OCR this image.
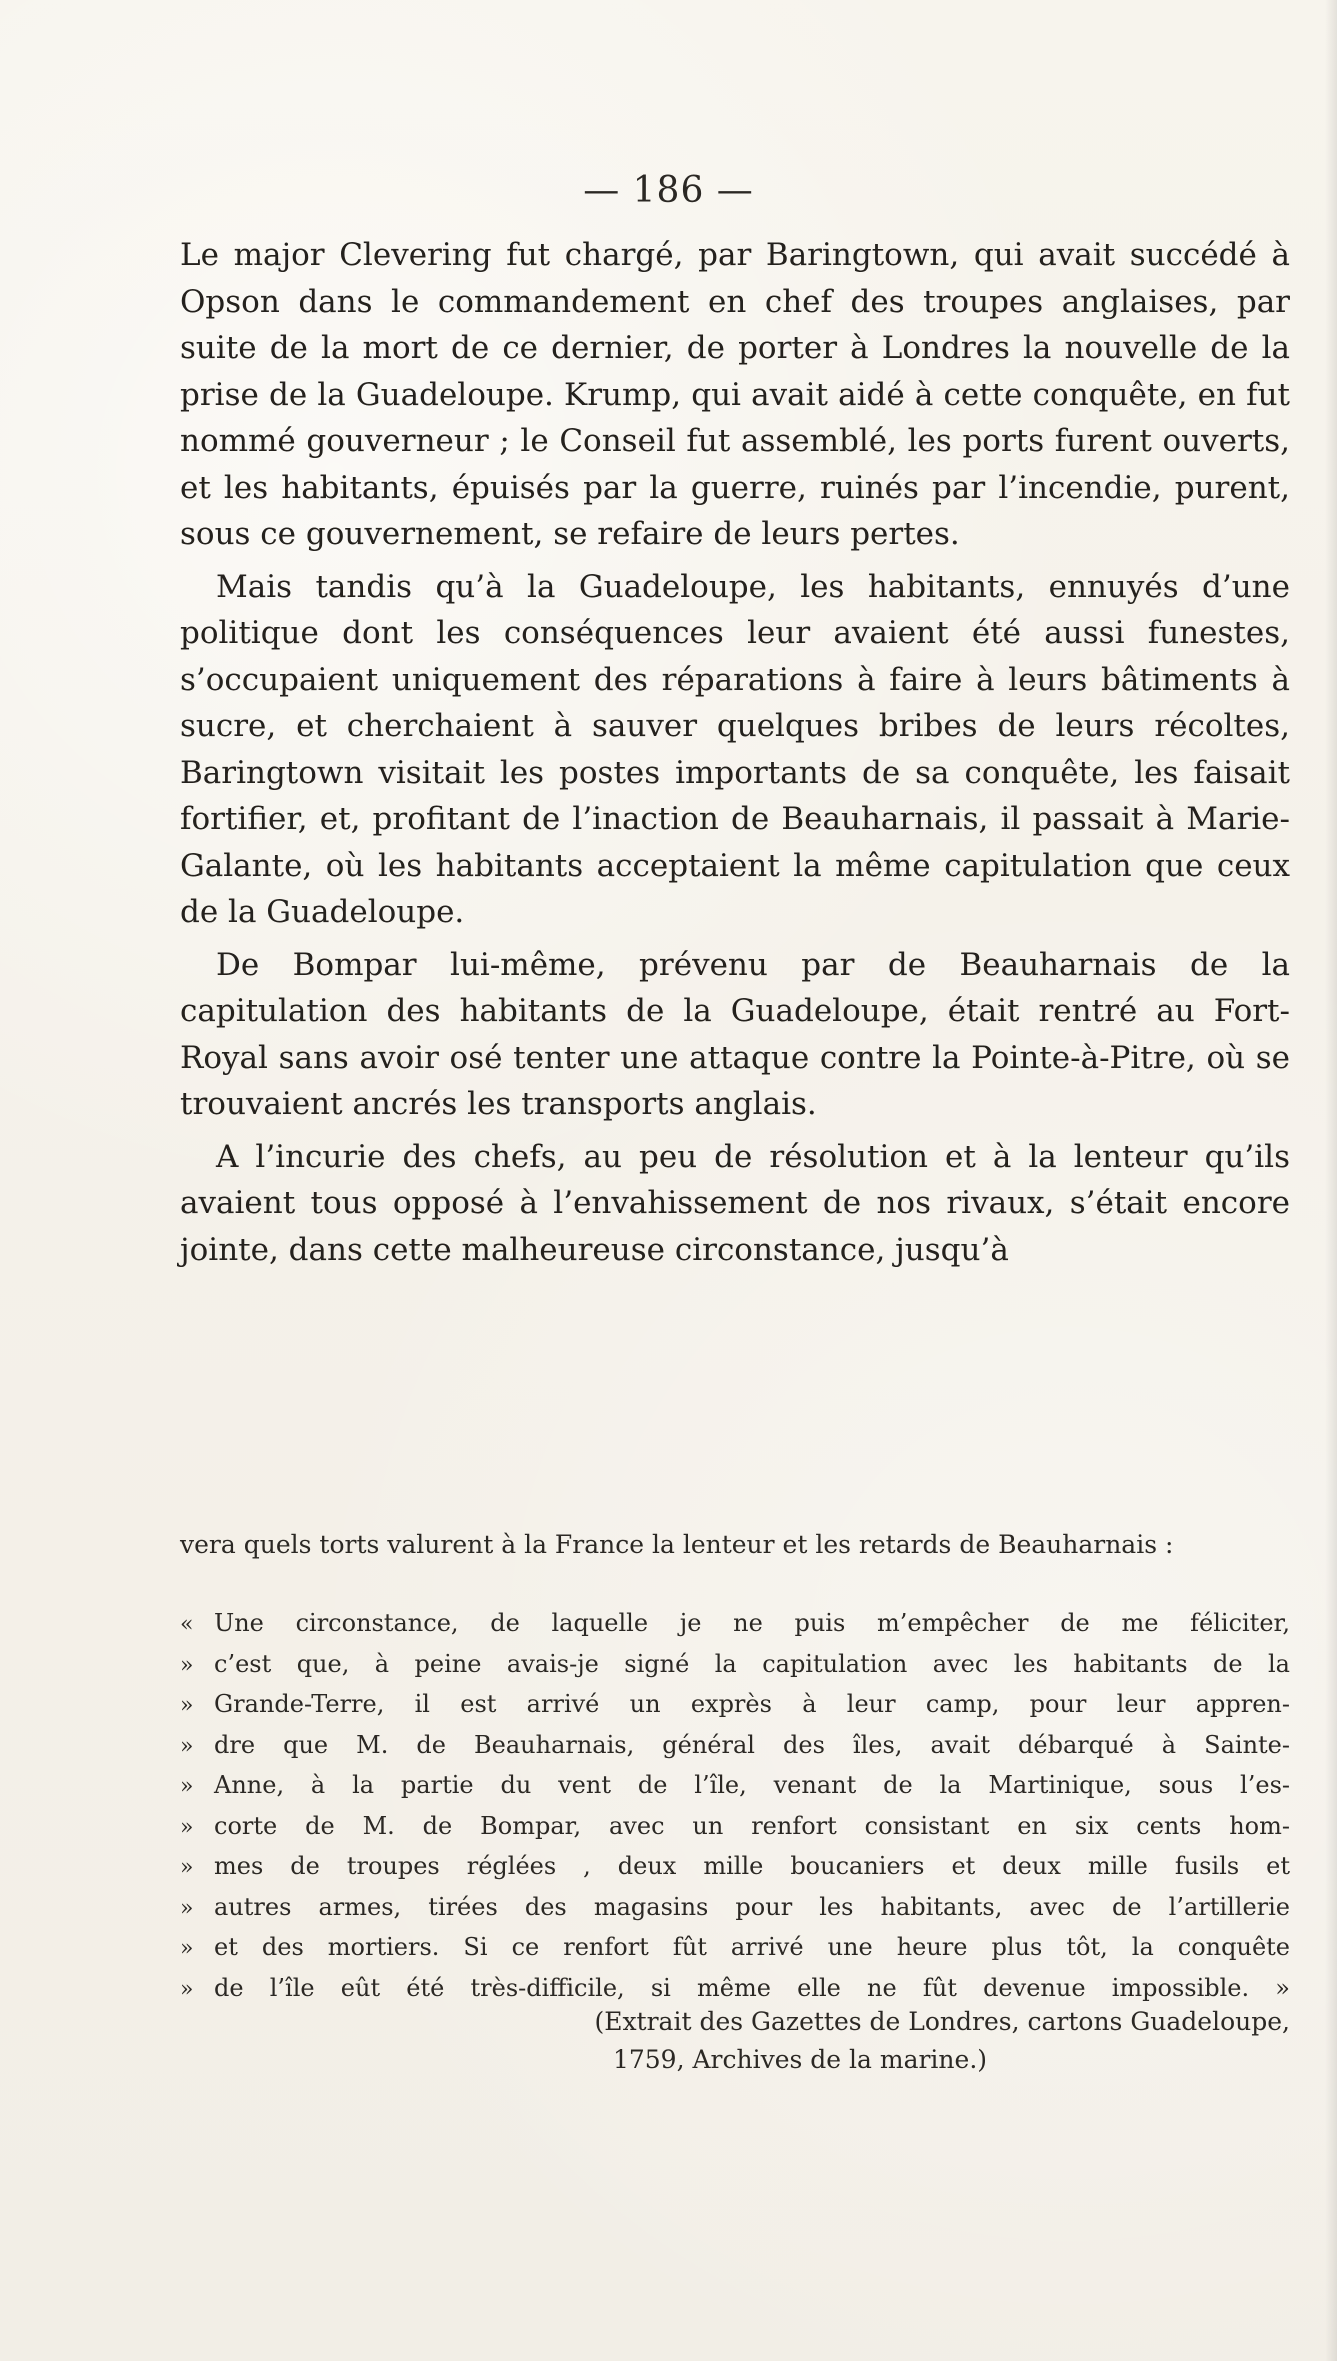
— 186 —

Le major Clevering fut chargé, par Baringtown, qui avait succédé à Opson dans le commandement en chef des troupes anglaises, par suite de la mort de ce dernier, de porter à Londres la nouvelle de la prise de la Guadeloupe. Krump, qui avait aidé à cette conquête, en fut nommé gouverneur ; le Conseil fut assemblé, les ports furent ouverts, et les habitants, épuisés par la guerre, ruinés par l’incendie, purent, sous ce gouvernement, se refaire de leurs pertes.

Mais tandis qu’à la Guadeloupe, les habitants, ennuyés d’une politique dont les conséquences leur avaient été aussi funestes, s’occupaient uniquement des réparations à faire à leurs bâtiments à sucre, et cherchaient à sauver quelques bribes de leurs récoltes, Baringtown visitait les postes importants de sa conquête, les faisait fortifier, et, profitant de l’inaction de Beauharnais, il passait à Marie-Galante, où les habitants acceptaient la même capitulation que ceux de la Guadeloupe.

De Bompar lui-même, prévenu par de Beauharnais de la capitulation des habitants de la Guadeloupe, était rentré au Fort-Royal sans avoir osé tenter une attaque contre la Pointe-à-Pitre, où se trouvaient ancrés les transports anglais.

A l’incurie des chefs, au peu de résolution et à la lenteur qu’ils avaient tous opposé à l’envahissement de nos rivaux, s’était encore jointe, dans cette malheureuse circonstance, jusqu’à

vera quels torts valurent à la France la lenteur et les retards de Beauharnais :
« Une circonstance, de laquelle je ne puis m’empêcher de me féliciter,
» c’est que, à peine avais-je signé la capitulation avec les habitants de la
» Grande-Terre, il est arrivé un exprès à leur camp, pour leur appren-
» dre que M. de Beauharnais, général des îles, avait débarqué à Sainte-
» Anne, à la partie du vent de l’île, venant de la Martinique, sous l’es-
» corte de M. de Bompar, avec un renfort consistant en six cents hom-
» mes de troupes réglées , deux mille boucaniers et deux mille fusils et
» autres armes, tirées des magasins pour les habitants, avec de l’artillerie
» et des mortiers. Si ce renfort fût arrivé une heure plus tôt, la conquête
» de l’île eût été très-difficile, si même elle ne fût devenue impossible. »
(Extrait des Gazettes de Londres, cartons Guadeloupe,
1759, Archives de la marine.)
